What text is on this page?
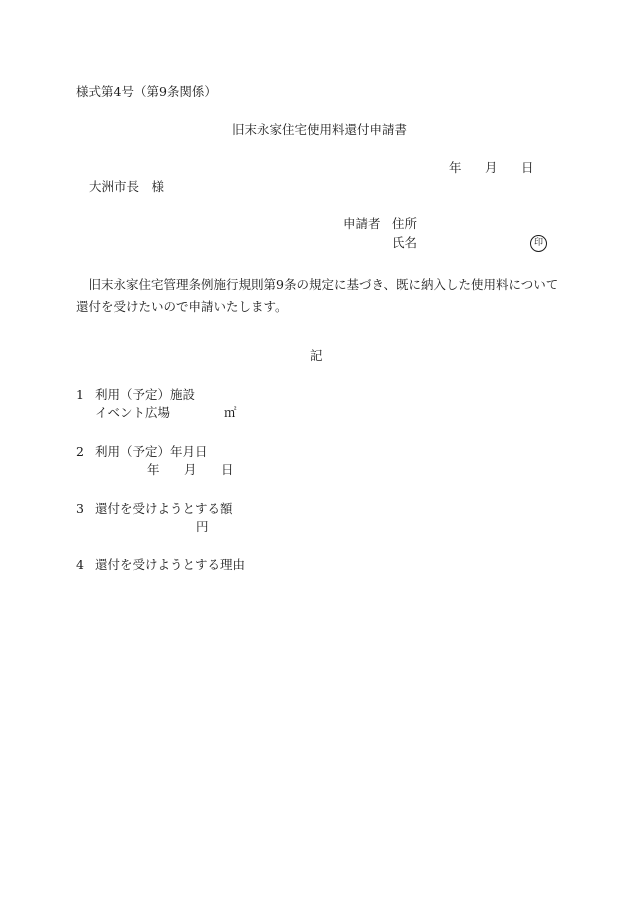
様式第4号（第9条関係）
旧末永家住宅使用料還付申請書
年 月 日
大洲市長　様
申請者 住所
氏名	印
　旧末永家住宅管理条例施行規則第9条の規定に基づき、既に納入した使用料について還付を受けたいので申請いたします。
記
1 利用（予定）施設
イベント広場	㎡
2 利用（予定）年月日
年 月 日
3 還付を受けようとする額
円
4 還付を受けようとする理由
